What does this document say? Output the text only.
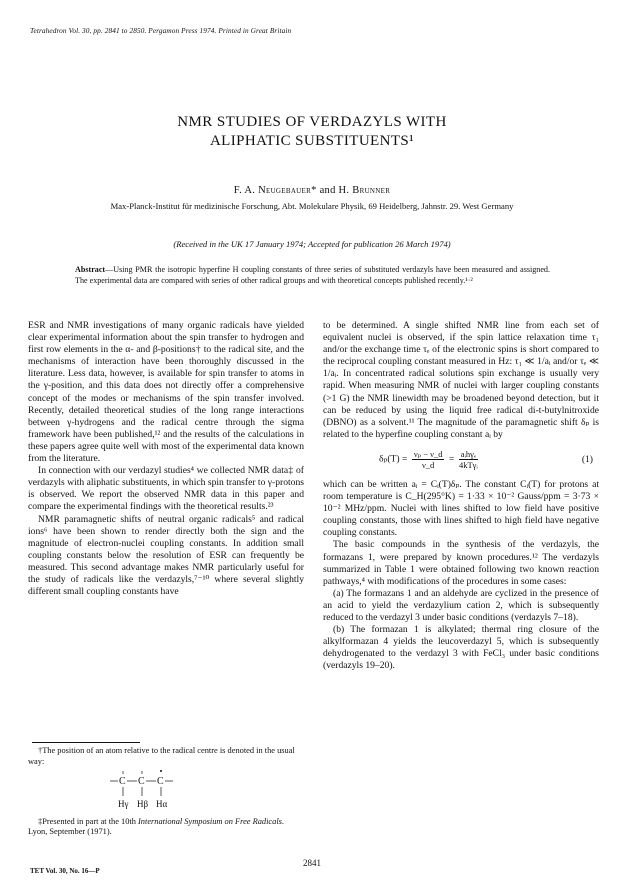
Tetrahedron Vol. 30, pp. 2841 to 2850. Pergamon Press 1974. Printed in Great Britain
NMR STUDIES OF VERDAZYLS WITH
ALIPHATIC SUBSTITUENTS¹
F. A. Neugebauer* and H. Brunner
Max-Planck-Institut für medizinische Forschung, Abt. Molekulare Physik, 69 Heidelberg, Jahnstr. 29. West Germany
(Received in the UK 17 January 1974; Accepted for publication 26 March 1974)
Abstract—Using PMR the isotropic hyperfine H coupling constants of three series of substituted verdazyls have been measured and assigned. The experimental data are compared with series of other radical groups and with theoretical concepts published recently.¹·²

ESR and NMR investigations of many organic radicals have yielded clear experimental information about the spin transfer to hydrogen and first row elements in the α- and β-positions† to the radical site, and the mechanisms of interaction have been thoroughly discussed in the literature. Less data, however, is available for spin transfer to atoms in the γ-position, and this data does not directly offer a comprehensive concept of the modes or mechanisms of the spin transfer involved. Recently, detailed theoretical studies of the long range interactions between γ-hydrogens and the radical centre through the sigma framework have been published,¹² and the results of the calculations in these papers agree quite well with most of the experimental data known from the literature.

In connection with our verdazyl studies⁴ we collected NMR data‡ of verdazyls with aliphatic substituents, in which spin transfer to γ-protons is observed. We report the observed NMR data in this paper and compare the experimental findings with the theoretical results.²³

NMR paramagnetic shifts of neutral organic radicals⁵ and radical ions⁶ have been shown to render directly both the sign and the magnitude of electron-nuclei coupling constants. In addition small coupling constants below the resolution of ESR can frequently be measured. This second advantage makes NMR particularly useful for the study of radicals like the verdazyls,⁷⁻¹⁰ where several slightly different small coupling constants have

†The position of an atom relative to the radical centre is denoted in the usual way:

C C C
Hγ Hβ Hα

‡Presented in part at the 10th International Symposium on Free Radicals. Lyon, September (1971).

to be determined. A single shifted NMR line from each set of equivalent nuclei is observed, if the spin lattice relaxation time τ₁ and/or the exchange time τₑ of the electronic spins is short compared to the reciprocal coupling constant measured in Hz: τ₁ ≪ 1/aᵢ and/or τₑ ≪ 1/aᵢ. In concentrated radical solutions spin exchange is usually very rapid. When measuring NMR of nuclei with larger coupling constants (>1 G) the NMR linewidth may be broadened beyond detection, but it can be reduced by using the liquid free radical di-t-butylnitroxide (DBNO) as a solvent.¹¹ The magnitude of the paramagnetic shift δₚ is related to the hyperfine coupling constant aᵢ by

$\delta_p(T) = \frac{\text{νₚ − ν\_d}}{\nu\_d} = \frac{\text{aᵢhγₑ}}{\text{4kTγᵢ}}$	(1)

which can be written aᵢ = Cᵢ(T)δₚ. The constant Cᵢ(T) for protons at room temperature is C_H(295°K) = 1·33 × 10⁻² Gauss/ppm = 3·73 × 10⁻² MHz/ppm. Nuclei with lines shifted to low field have positive coupling constants, those with lines shifted to high field have negative coupling constants.

The basic compounds in the synthesis of the verdazyls, the formazans 1, were prepared by known procedures.¹² The verdazyls summarized in Table 1 were obtained following two known reaction pathways,⁴ with modifications of the procedures in some cases:

(a) The formazans 1 and an aldehyde are cyclized in the presence of an acid to yield the verdazylium cation 2, which is subsequently reduced to the verdazyl 3 under basic conditions (verdazyls 7–18).

(b) The formazan 1 is alkylated; thermal ring closure of the alkylformazan 4 yields the leucoverdazyl 5, which is subsequently dehydrogenated to the verdazyl 3 with FeCl₃ under basic conditions (verdazyls 19–20).

2841
TET Vol. 30, No. 16—P
